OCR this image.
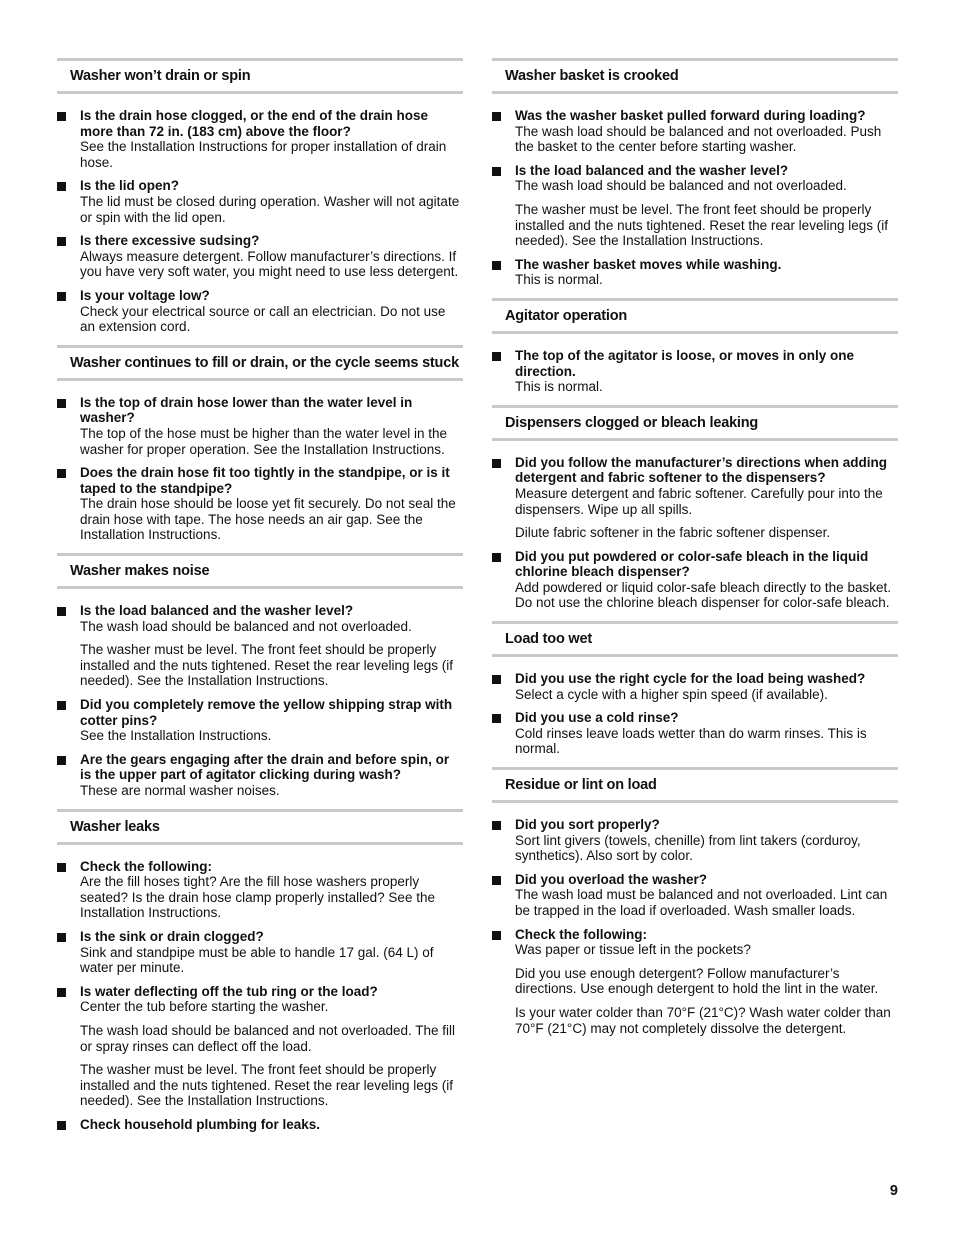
Washer won’t drain or spin
Is the drain hose clogged, or the end of the drain hose more than 72 in. (183 cm) above the floor?

See the Installation Instructions for proper installation of drain hose.

Is the lid open?

The lid must be closed during operation. Washer will not agitate or spin with the lid open.

Is there excessive sudsing?

Always measure detergent. Follow manufacturer’s directions. If you have very soft water, you might need to use less detergent.

Is your voltage low?

Check your electrical source or call an electrician. Do not use an extension cord.

Washer continues to fill or drain, or the cycle seems stuck
Is the top of drain hose lower than the water level in washer?

The top of the hose must be higher than the water level in the washer for proper operation. See the Installation Instructions.

Does the drain hose fit too tightly in the standpipe, or is it taped to the standpipe?

The drain hose should be loose yet fit securely. Do not seal the drain hose with tape. The hose needs an air gap. See the Installation Instructions.

Washer makes noise
Is the load balanced and the washer level?

The wash load should be balanced and not overloaded.

The washer must be level. The front feet should be properly installed and the nuts tightened. Reset the rear leveling legs (if needed). See the Installation Instructions.

Did you completely remove the yellow shipping strap with cotter pins?

See the Installation Instructions.

Are the gears engaging after the drain and before spin, or is the upper part of agitator clicking during wash?

These are normal washer noises.

Washer leaks
Check the following:

Are the fill hoses tight? Are the fill hose washers properly seated? Is the drain hose clamp properly installed? See the Installation Instructions.

Is the sink or drain clogged?

Sink and standpipe must be able to handle 17 gal. (64 L) of water per minute.

Is water deflecting off the tub ring or the load?

Center the tub before starting the washer.

The wash load should be balanced and not overloaded. The fill or spray rinses can deflect off the load.

The washer must be level. The front feet should be properly installed and the nuts tightened. Reset the rear leveling legs (if needed). See the Installation Instructions.

Check household plumbing for leaks.
Washer basket is crooked
Was the washer basket pulled forward during loading?

The wash load should be balanced and not overloaded. Push the basket to the center before starting washer.

Is the load balanced and the washer level?

The wash load should be balanced and not overloaded.

The washer must be level. The front feet should be properly installed and the nuts tightened. Reset the rear leveling legs (if needed). See the Installation Instructions.

The washer basket moves while washing.

This is normal.

Agitator operation
The top of the agitator is loose, or moves in only one direction.

This is normal.

Dispensers clogged or bleach leaking
Did you follow the manufacturer’s directions when adding detergent and fabric softener to the dispensers?

Measure detergent and fabric softener. Carefully pour into the dispensers. Wipe up all spills.

Dilute fabric softener in the fabric softener dispenser.

Did you put powdered or color-safe bleach in the liquid chlorine bleach dispenser?

Add powdered or liquid color-safe bleach directly to the basket. Do not use the chlorine bleach dispenser for color-safe bleach.

Load too wet
Did you use the right cycle for the load being washed?

Select a cycle with a higher spin speed (if available).

Did you use a cold rinse?

Cold rinses leave loads wetter than do warm rinses. This is normal.

Residue or lint on load
Did you sort properly?

Sort lint givers (towels, chenille) from lint takers (corduroy, synthetics). Also sort by color.

Did you overload the washer?

The wash load must be balanced and not overloaded. Lint can be trapped in the load if overloaded. Wash smaller loads.

Check the following:

Was paper or tissue left in the pockets?

Did you use enough detergent? Follow manufacturer’s directions. Use enough detergent to hold the lint in the water.

Is your water colder than 70°F (21°C)? Wash water colder than 70°F (21°C) may not completely dissolve the detergent.

9
